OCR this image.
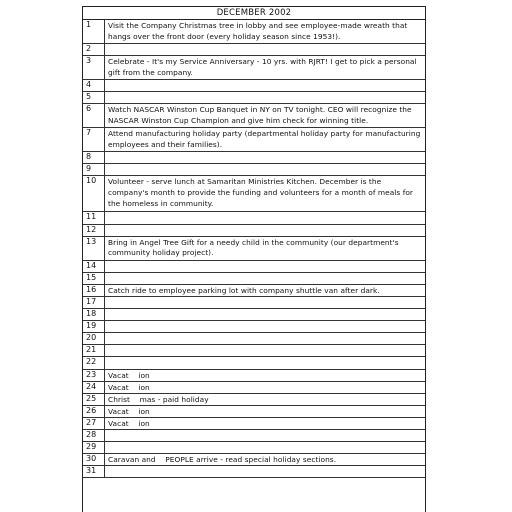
DECEMBER 2002
1	Visit the Company Christmas tree in lobby and see employee-made wreath that hangs over the front door (every holiday season since 1953!).
2
3	Celebrate - It's my Service Anniversary - 10 yrs. with RJRT! I get to pick a personal gift from the company.
4
5
6	Watch NASCAR Winston Cup Banquet in NY on TV tonight. CEO will recognize the NASCAR Winston Cup Champion and give him check for winning title.
7	Attend manufacturing holiday party (departmental holiday party for manufacturing employees and their families).
8
9
10	Volunteer - serve lunch at Samaritan Ministries Kitchen. December is the company's month to provide the funding and volunteers for a month of meals for the homeless in community.
11
12
13	Bring in Angel Tree Gift for a needy child in the community (our department's community holiday project).
14
15
16	Catch ride to employee parking lot with company shuttle van after dark.
17
18
19
20
21
22
23	Vacat    ion
24	Vacat    ion
25	Christ    mas - paid holiday
26	Vacat    ion
27	Vacat    ion
28
29
30	Caravan and    PEOPLE arrive - read special holiday sections.
31
